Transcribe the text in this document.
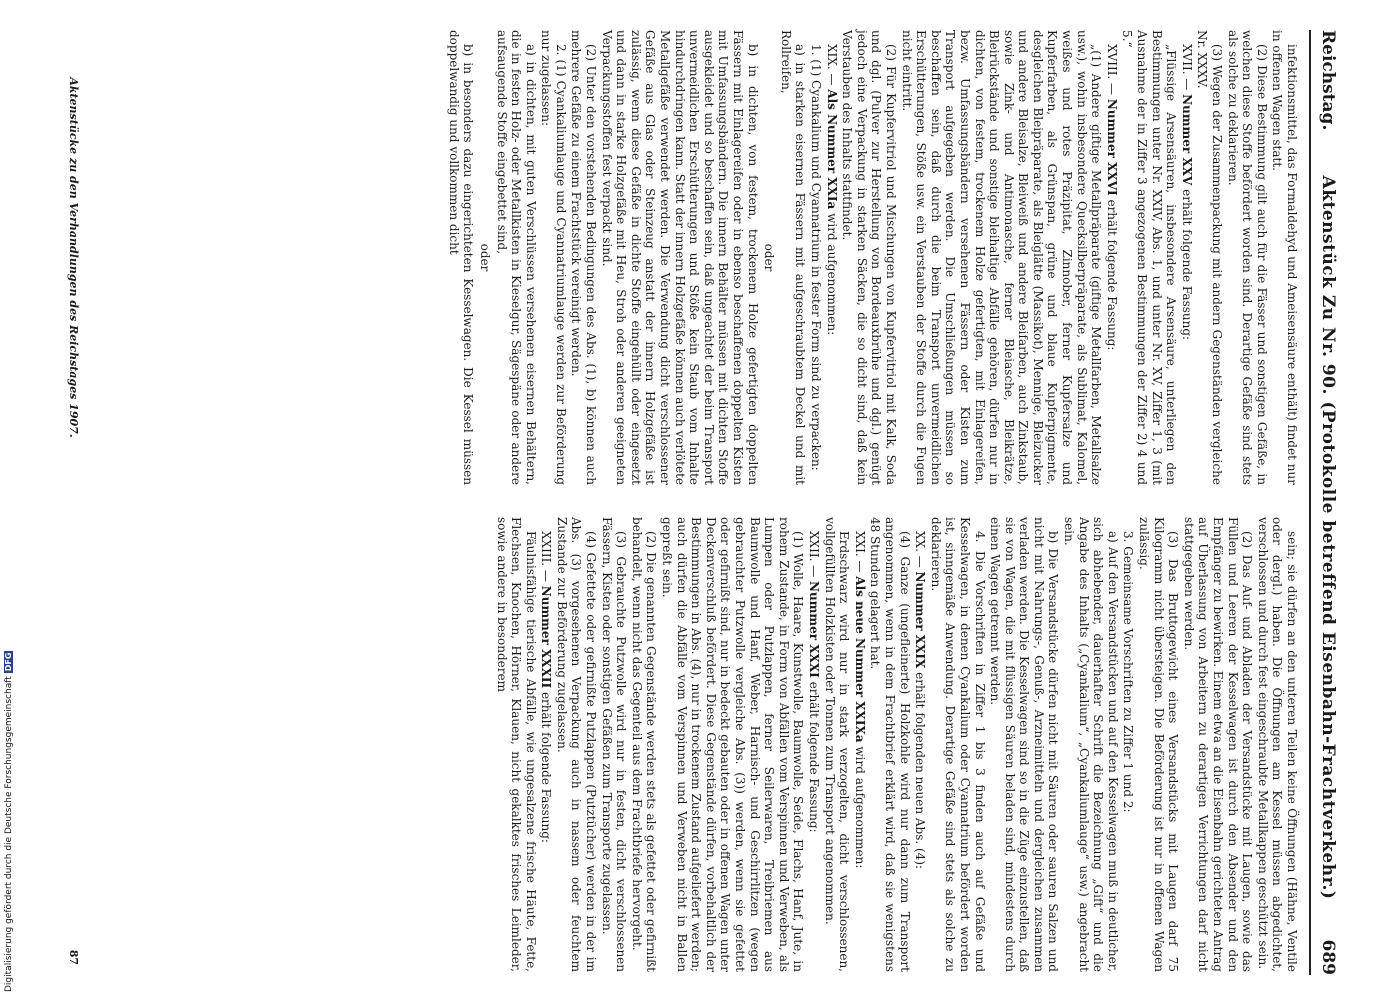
Reichstag.
Aktenstück Zu Nr. 90. (Protokolle betreffend Eisenbahn-Frachtverkehr.)
689

infektionsmittel, das Formaldehyd und Ameisensäure enthält) findet nur in offenen Wagen statt.

(2) Diese Bestimmung gilt auch für die Fässer und sonstigen Gefäße, in welchen diese Stoffe befördert worden sind. Derartige Gefäße sind stets als solche zu deklarieren.

(3) Wegen der Zusammenpackung mit andern Gegenständen vergleiche Nr. XXXV.

XVII. — Nummer XXV erhält folgende Fassung:

„Flüssige Arsensäuren, insbesondere Arsensäure, unterliegen den Bestimmungen unter Nr. XXIV, Abs. 1, und unter Nr. XV, Ziffer 1, 3 (mit Ausnahme der in Ziffer 3 angezogenen Bestimmungen der Ziffer 2) 4 und 5.“

XVIII. — Nummer XXVI erhält folgende Fassung:

„(1) Andere giftige Metallpräparate (giftige Metallfarben, Metallsalze usw.), wohin insbesondere Quecksilberpräparate, als Sublimat, Kalomel, weißes und rotes Präzipitat, Zinnober, ferner Kupfersalze und Kupferfarben, als Grünspan, grüne und blaue Kupferpigmente, desgleichen Bleipräparate, als Bleiglätte (Massikot), Mennige, Bleizucker und andere Bleisalze, Bleiweiß und andere Bleifarben, auch Zinkstaub, sowie Zink- und Antimonasche, ferner Bleiasche, Bleikrätze, Bleirückstände und sonstige bleihaltige Abfälle gehören, dürfen nur in dichten, von festem, trockenem Holze gefertigten, mit Einlagereifen, bezw. Umfassungsbändern versehenen Fässern oder Kisten zum Transport aufgegeben werden. Die Umschließungen müssen so beschaffen sein, daß durch die beim Transport unvermeidlichen Erschütterungen, Stöße usw. ein Verstauben der Stoffe durch die Fugen nicht eintritt.

(2) Für Kupfervitriol und Mischungen von Kupfervitriol mit Kalk, Soda und dgl. (Pulver zur Herstellung von Bordeauxbrühe und dgl.) genügt jedoch eine Verpackung in starken Säcken, die so dicht sind, daß kein Verstauben des Inhalts stattfindet.

XIX. — Als Nummer XXIa wird aufgenommen:

1. (1) Cyankalium und Cyannatrium in fester Form sind zu verpacken:

a) in starken eisernen Fässern mit aufgeschraubtem Deckel und mit Rollreifen,

oder

b) in dichten, von festem, trockenem Holze gefertigten doppelten Fässern mit Einlagereifen oder in ebenso beschaffenen doppelten Kisten mit Umfassungsbändern. Die innern Behälter müssen mit dichten Stoffe ausgekleidet und so beschaffen sein, daß ungeachtet der beim Transport unvermeidlichen Erschütterungen und Stöße kein Staub vom Inhalte hindurchdringen kann. Statt der innern Holzgefäße können auch verlötete Metallgefäße verwendet werden. Die Verwendung dicht verschlossener Gefäße aus Glas oder Steinzeug anstatt der innern Holzgefäße ist zulässig, wenn diese Gefäße in dichte Stoffe eingehüllt oder eingesetzt und dann in starke Holzgefäße mit Heu, Stroh oder anderen geeigneten Verpackungsstoffen fest verpackt sind.

(2) Unter den vorstehenden Bedingungen des Abs. (1), b) können auch mehrere Gefäße zu einem Frachtstück vereinigt werden.

2. (1) Cyankaliumlauge und Cyannatriumlauge werden zur Beförderung nur zugelassen:

a) in dichten, mit guten Verschlüssen versehenen eisernen Behältern, die in festen Holz- oder Metallkisten in Kieselgur, Sägespäne oder andere aufsaugende Stoffe eingebettet sind,

oder

b) in besonders dazu eingerichteten Kesselwagen. Die Kessel müssen doppelwandig und vollkommen dicht

sein; sie dürfen an den unteren Teilen keine Öffnungen (Hähne, Ventile oder dergl.) haben. Die Öffnungen am Kessel müssen abgedichtet, verschlossen und durch fest eingeschraubte Metallkappen geschützt sein.

(2) Das Auf- und Abladen der Versandstücke mit Laugen, sowie das Füllen und Leeren der Kesselwagen ist durch den Absender und den Empfänger zu bewirken. Einem etwa an die Eisenbahn gerichteten Antrag auf Überlassung von Arbeitern zu derartigen Verrichtungen darf nicht stattgegeben werden.

(3) Das Bruttogewicht eines Versandstücks mit Laugen darf 75 Kilogramm nicht übersteigen. Die Beförderung ist nur in offenen Wagen zulässig.

3. Gemeinsame Vorschriften zu Ziffer 1 und 2:

a) Auf den Versandstücken und auf den Kesselwagen muß in deutlicher, sich abhebender, dauerhafter Schrift die Bezeichnung „Gift“ und die Angabe des Inhalts („Cyankalium“, „Cyankaliumlauge“ usw.) angebracht sein.

b) Die Versandstücke dürfen nicht mit Säuren oder sauren Salzen und nicht mit Nahrungs-, Genuß-, Arzneimitteln und dergleichen zusammen verladen werden. Die Kesselwagen sind so in die Züge einzustellen, daß sie von Wagen, die mit flüssigen Säuren beladen sind, mindestens durch einen Wagen getrennt werden.

4. Die Vorschriften in Ziffer 1 bis 3 finden auch auf Gefäße und Kesselwagen, in denen Cyankalium oder Cyannatrium befördert worden ist, sinngemäße Anwendung. Derartige Gefäße sind stets als solche zu deklarieren.

XX. — Nummer XXIX erhält folgenden neuen Abs. (4):

(4) Ganze (ungefleinerte) Holzkohle wird nur dann zum Transport angenommen, wenn in dem Frachtbrief erklärt wird, daß sie wenigstens 48 Stunden gelagert hat.

XXI. — Als neue Nummer XXIXa wird aufgenommen:

Erdschwarz wird nur in stark verzogelten, dicht verschlossenen, vollgefüllten Holzkisten oder Tonnen zum Transport angenommen.

XXII. — Nummer XXXI erhält folgende Fassung:

(1) Wolle, Haare, Kunstwolle, Baumwolle, Seide, Flachs, Hanf, Jute, in rohem Zustande, in Form von Abfällen vom Verspinnen und Verweben, als Lumpen oder Putzlappen, ferner Seilerwaren, Treibriemen aus Baumwolle und Hanf, Weber, Harnisch- und Geschirrlitzen (wegen gebrauchter Putzwolle vergleiche Abs. (3)) werden, wenn sie gefettet oder gefirnißt sind, nur in bedeckt gebauten oder in offenen Wagen unter Deckenverschluß befördert. Diese Gegenstände dürfen, vorbehaltlich der Bestimmungen in Abs. (4), nur in trockenem Zustand aufgeliefert werden; auch dürfen die Abfälle vom Verspinnen und Verweben nicht in Ballen gepreßt sein.

(2) Die genannten Gegenstände werden stets als gefettet oder gefirnißt behandelt, wenn nicht das Gegenteil aus dem Frachtbriefe hervorgeht.

(3) Gebrauchte Putzwolle wird nur in festen, dicht verschlossenen Fässern, Kisten oder sonstigen Gefäßen zum Transporte zugelassen.

(4) Gefettete oder gefirnißte Putzlappen (Putztücher) werden in der im Abs. (3) vorgesehenen Verpackung auch in nassem oder feuchtem Zustande zur Beförderung zugelassen.

XXIII. — Nummer XXXII erhält folgende Fassung:

Fäulnisfähige tierische Abfälle, wie ungesalzene frische Häute, Fette, Flechsen, Knochen, Hörner, Klauen, nicht gekalktes frisches Leimleder, sowie andere in besonderem

Aktenstücke zu den Verhandlungen des Reichstages 1907.
87
Digitalisierung gefördert durch die Deutsche ForschungsgemeinschaftDFG
